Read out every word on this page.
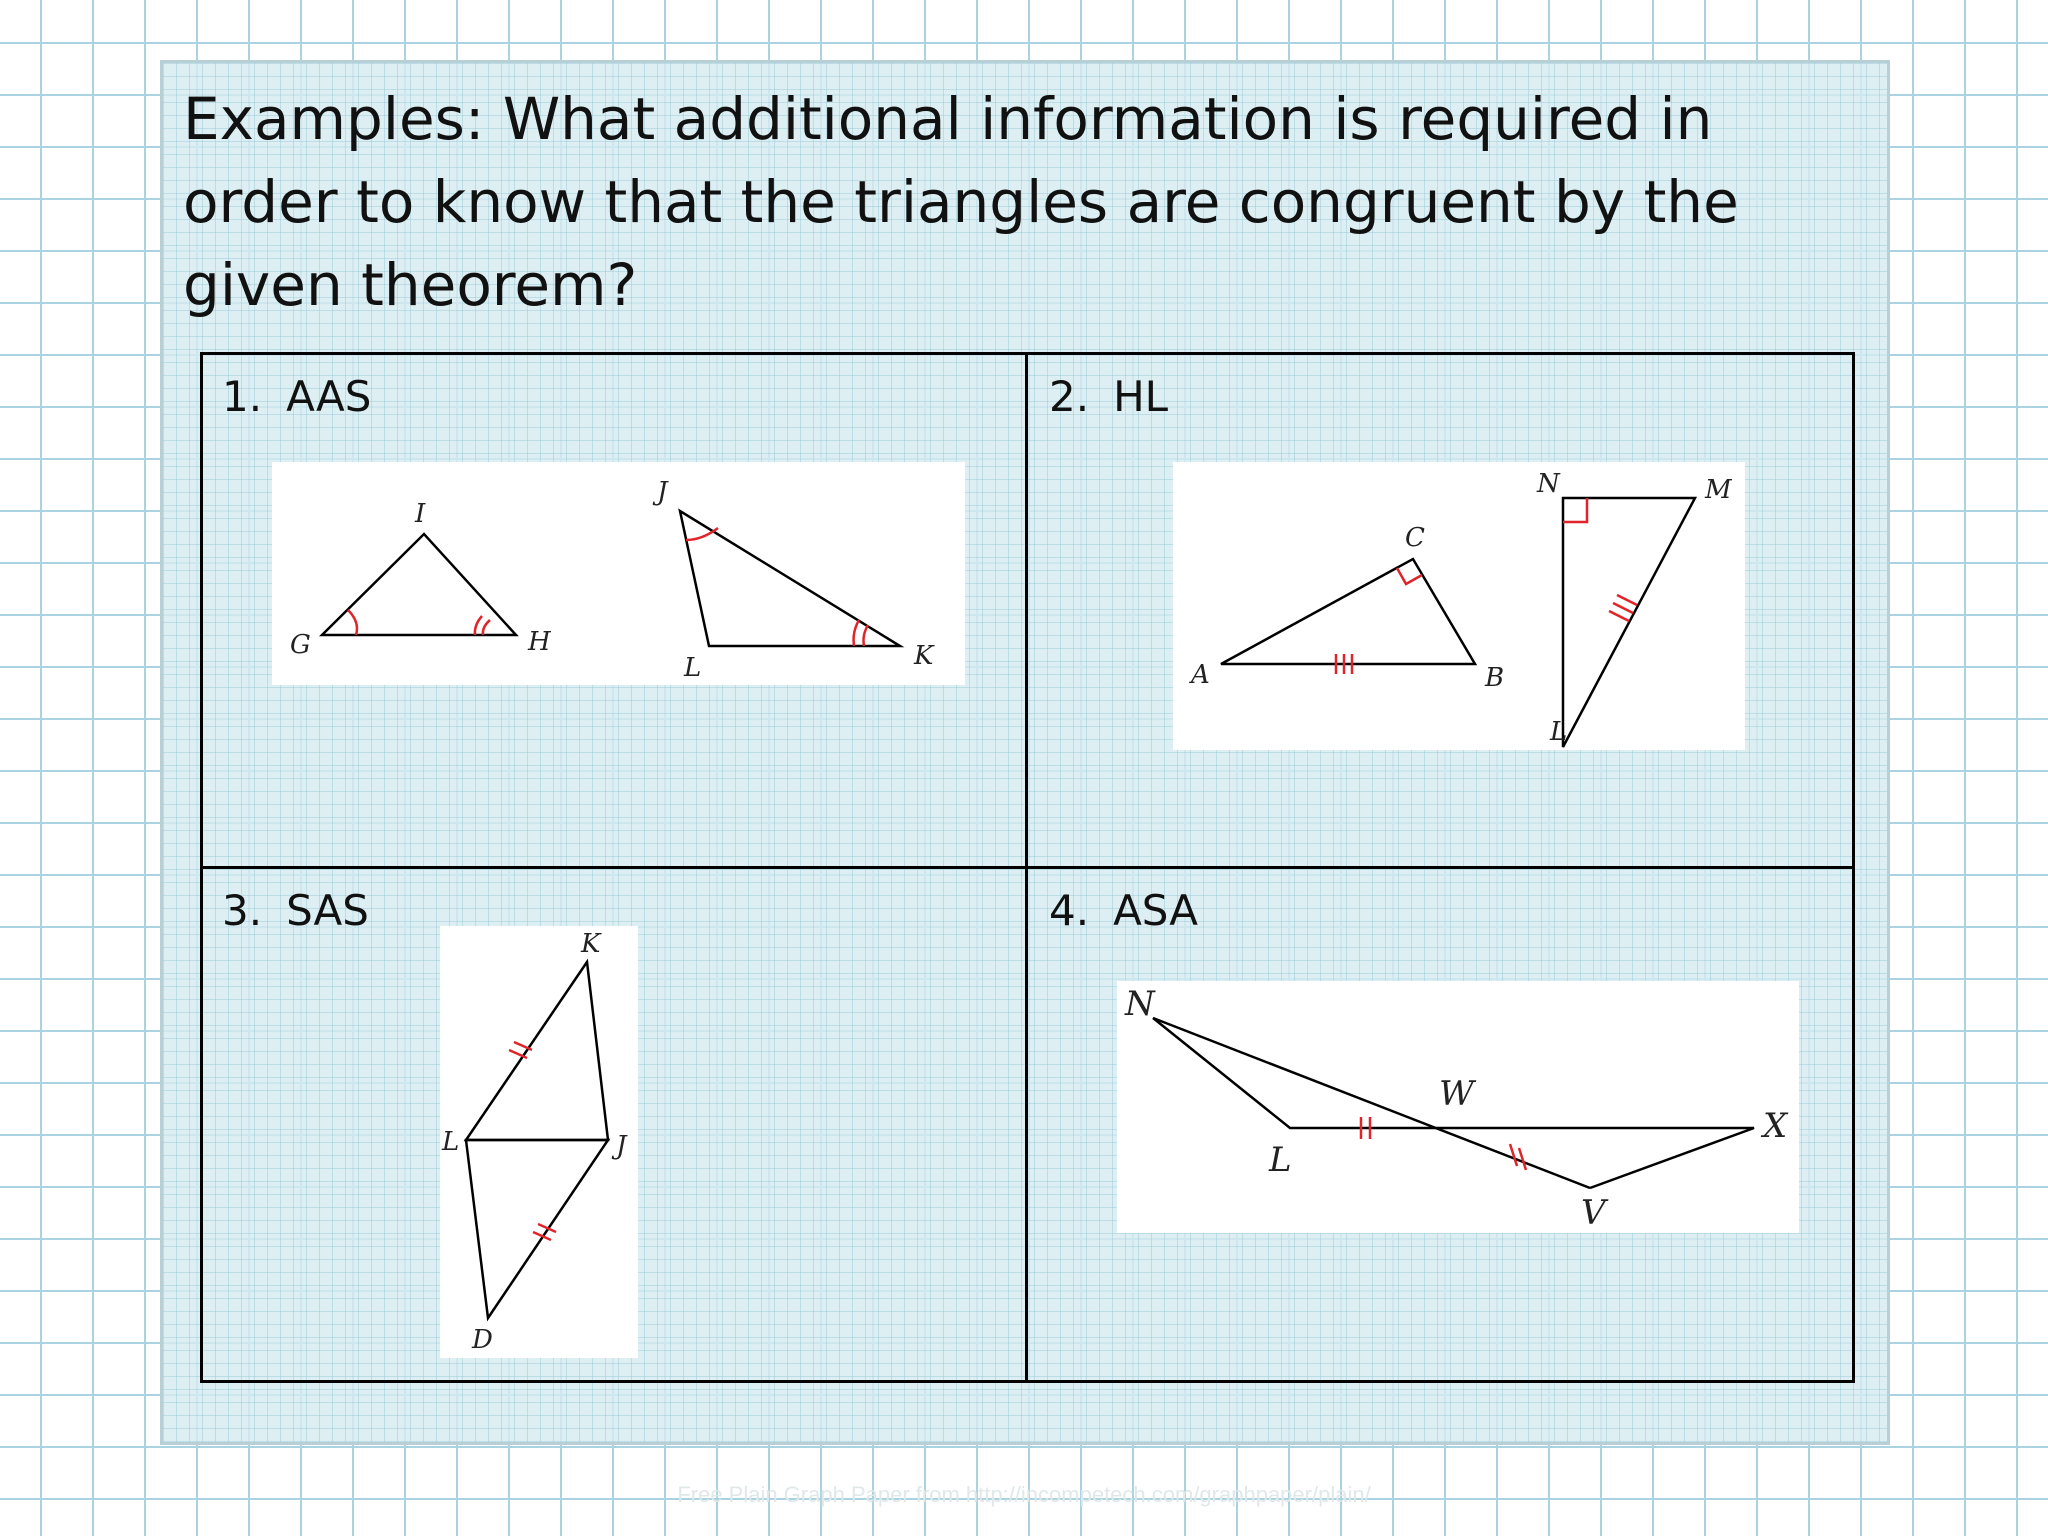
Examples: What additional information is required in order to know that the triangles are congruent by the given theorem?
1. AAS
I
G	H
J
L	K
2. HL
C
A	B
N	M
L
3. SAS
K
L	J
D
4. ASA
N
W
X
L
V
Free Plain Graph Paper from http://incompetech.com/graphpaper/plain/
